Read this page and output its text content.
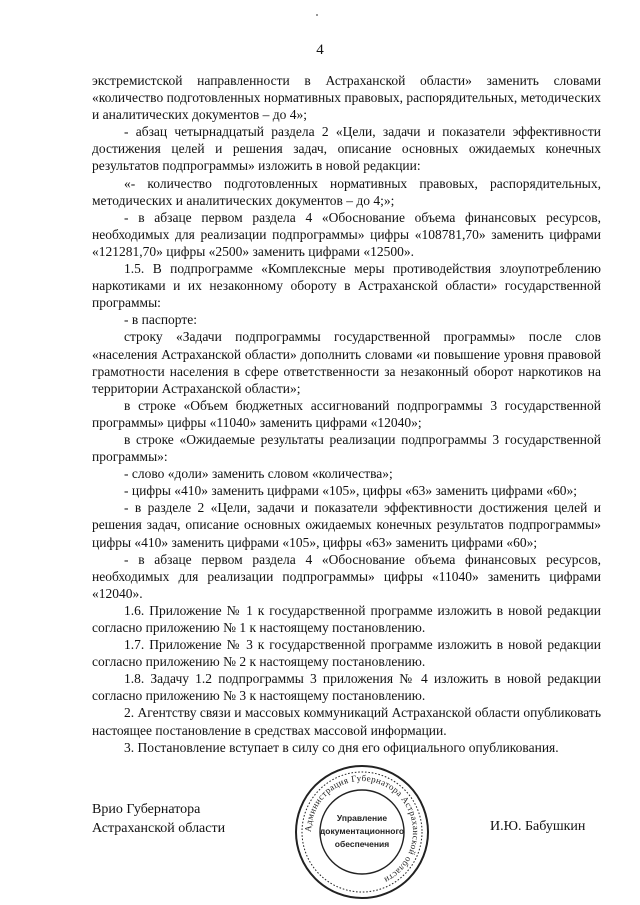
4

экстремистской направленности в Астраханской области» заменить словами «количество подготовленных нормативных правовых, распорядительных, методических и аналитических документов – до 4»;

- абзац четырнадцатый раздела 2 «Цели, задачи и показатели эффективности достижения целей и решения задач, описание основных ожидаемых конечных результатов подпрограммы» изложить в новой редакции:

«- количество подготовленных нормативных правовых, распорядительных, методических и аналитических документов – до 4;»;

- в абзаце первом раздела 4 «Обоснование объема финансовых ресурсов, необходимых для реализации подпрограммы» цифры «108781,70» заменить цифрами «121281,70» цифры «2500» заменить цифрами «12500».

1.5. В подпрограмме «Комплексные меры противодействия злоупотреблению наркотиками и их незаконному обороту в Астраханской области» государственной программы:

- в паспорте:

строку «Задачи подпрограммы государственной программы» после слов «населения Астраханской области» дополнить словами «и повышение уровня правовой грамотности населения в сфере ответственности за незаконный оборот наркотиков на территории Астраханской области»;

в строке «Объем бюджетных ассигнований подпрограммы 3 государственной программы» цифры «11040» заменить цифрами «12040»;

в строке «Ожидаемые результаты реализации подпрограммы 3 государственной программы»:

- слово «доли» заменить словом «количества»;

- цифры «410» заменить цифрами «105», цифры «63» заменить цифрами «60»;

- в разделе 2 «Цели, задачи и показатели эффективности достижения целей и решения задач, описание основных ожидаемых конечных результатов подпрограммы» цифры «410» заменить цифрами «105», цифры «63» заменить цифрами «60»;

- в абзаце первом раздела 4 «Обоснование объема финансовых ресурсов, необходимых для реализации подпрограммы» цифры «11040» заменить цифрами «12040».

1.6. Приложение № 1 к государственной программе изложить в новой редакции согласно приложению № 1 к настоящему постановлению.

1.7. Приложение № 3 к государственной программе изложить в новой редакции согласно приложению № 2 к настоящему постановлению.

1.8. Задачу 1.2 подпрограммы 3 приложения № 4 изложить в новой редакции согласно приложению № 3 к настоящему постановлению.

2. Агентству связи и массовых коммуникаций Астраханской области опубликовать настоящее постановление в средствах массовой информации.

3. Постановление вступает в силу со дня его официального опубликования.

Врио Губернатора
Астраханской области	Администрация Губернатора Астраханской области
Управление
документационного
обеспечения
И.Ю. Бабушкин
